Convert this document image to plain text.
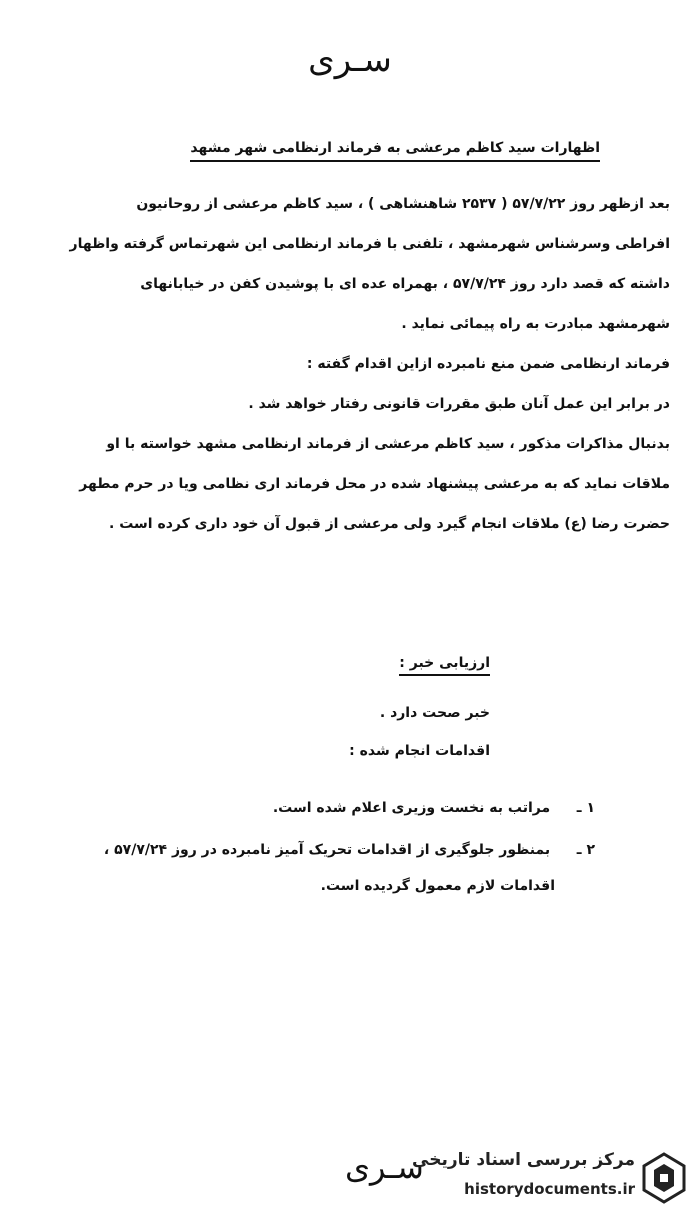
سـری
اظهارات سید کاظم مرعشی به فرماند ارنظامی شهر مشهد
بعد ازظهر روز ۵۷/۷/۲۲ ( ۲۵۳۷ شاهنشاهی ) ، سید کاظم مرعشی از روحانیون
افراطی وسرشناس شهرمشهد ، تلفنی با فرماند ارنظامی این شهرتماس گرفته واظهار
داشته که قصد دارد روز ۵۷/۷/۲۴ ، بهمراه عده ای با پوشیدن کفن در خیابانهای
شهرمشهد مبادرت به راه پیمائی نماید .
فرماند ارنظامی ضمن منع نامبرده ازاین اقدام گفته :
در برابر این عمل آنان طبق مقررات قانونی رفتار خواهد شد .
بدنبال مذاکرات مذکور ، سید کاظم مرعشی از فرماند ارنظامی مشهد خواسته با او
ملاقات نماید که به مرعشی پیشنهاد شده در محل فرماند اری نظامی ویا در حرم مطهر
حضرت رضا (ع) ملاقات انجام گیرد ولی مرعشی از قبول آن خود داری کرده است .
ارزیابی خبر :
خبر صحت دارد .
اقدامات انجام شده :
۱ ـ مراتب به نخست وزیری اعلام شده است.
۲ ـ بمنظور جلوگیری از اقدامات تحریک آمیز نامبرده در روز ۵۷/۷/۲۴ ،
اقدامات لازم معمول گردیده است.
سـری
مرکز بررسی اسناد تاریخی
historydocuments.ir
